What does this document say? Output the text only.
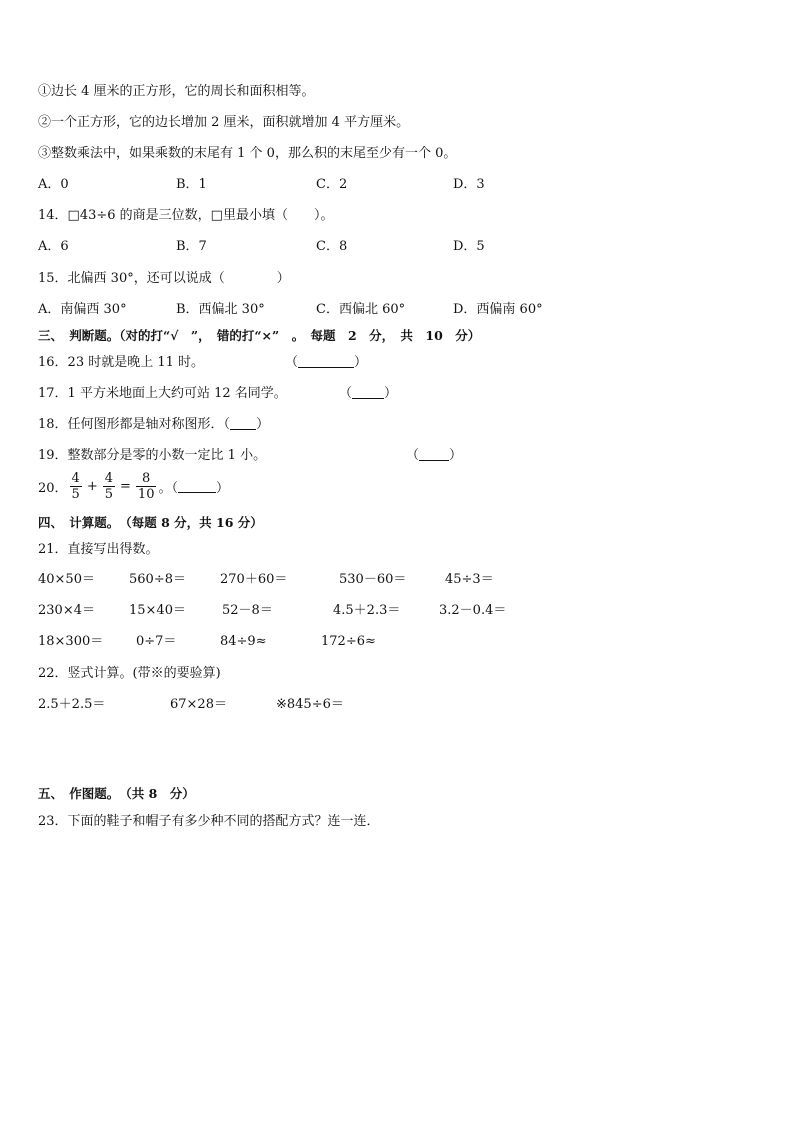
①边长 4 厘米的正方形，它的周长和面积相等。
②一个正方形，它的边长增加 2 厘米，面积就增加 4 平方厘米。
③整数乘法中，如果乘数的末尾有 1 个 0，那么积的末尾至少有一个 0。
A．0	B．1	C．2	D．3
14．□43÷6 的商是三位数，□里最小填（　　）。
A．6	B．7	C．8	D．5
15．北偏西 30°，还可以说成（　　　　）
A．南偏西 30°	B．西偏北 30°	C．西偏北 60°	D．西偏南 60°
三、　判断题。（对的打“√　”，　错的打“×”　。　每题　2　分，　共　10　分）
16．23 时就是晚上 11 时。	（	）
17．1 平方米地面上大约可站 12 名同学。	（ ）
18．任何图形都是轴对称图形．（ ）
19．整数部分是零的小数一定比 1 小。	（ ）
20． $\frac{4}{5} + \frac{4}{5} = \frac{8}{10}$ 。（	）
四、　计算题。　（每题 8 分，共 16 分）
21．直接写出得数。
40×50＝	560÷8＝	270＋60＝	530－60＝	45÷3＝
230×4＝	15×40＝	52－8＝	4.5＋2.3＝	3.2－0.4＝
18×300＝	0÷7＝	84÷9≈	172÷6≈
22．竖式计算。(带※的要验算)
2.5＋2.5＝	67×28＝	※845÷6＝
五、　作图题。　（共 8　分）
23．下面的鞋子和帽子有多少种不同的搭配方式？连一连．
